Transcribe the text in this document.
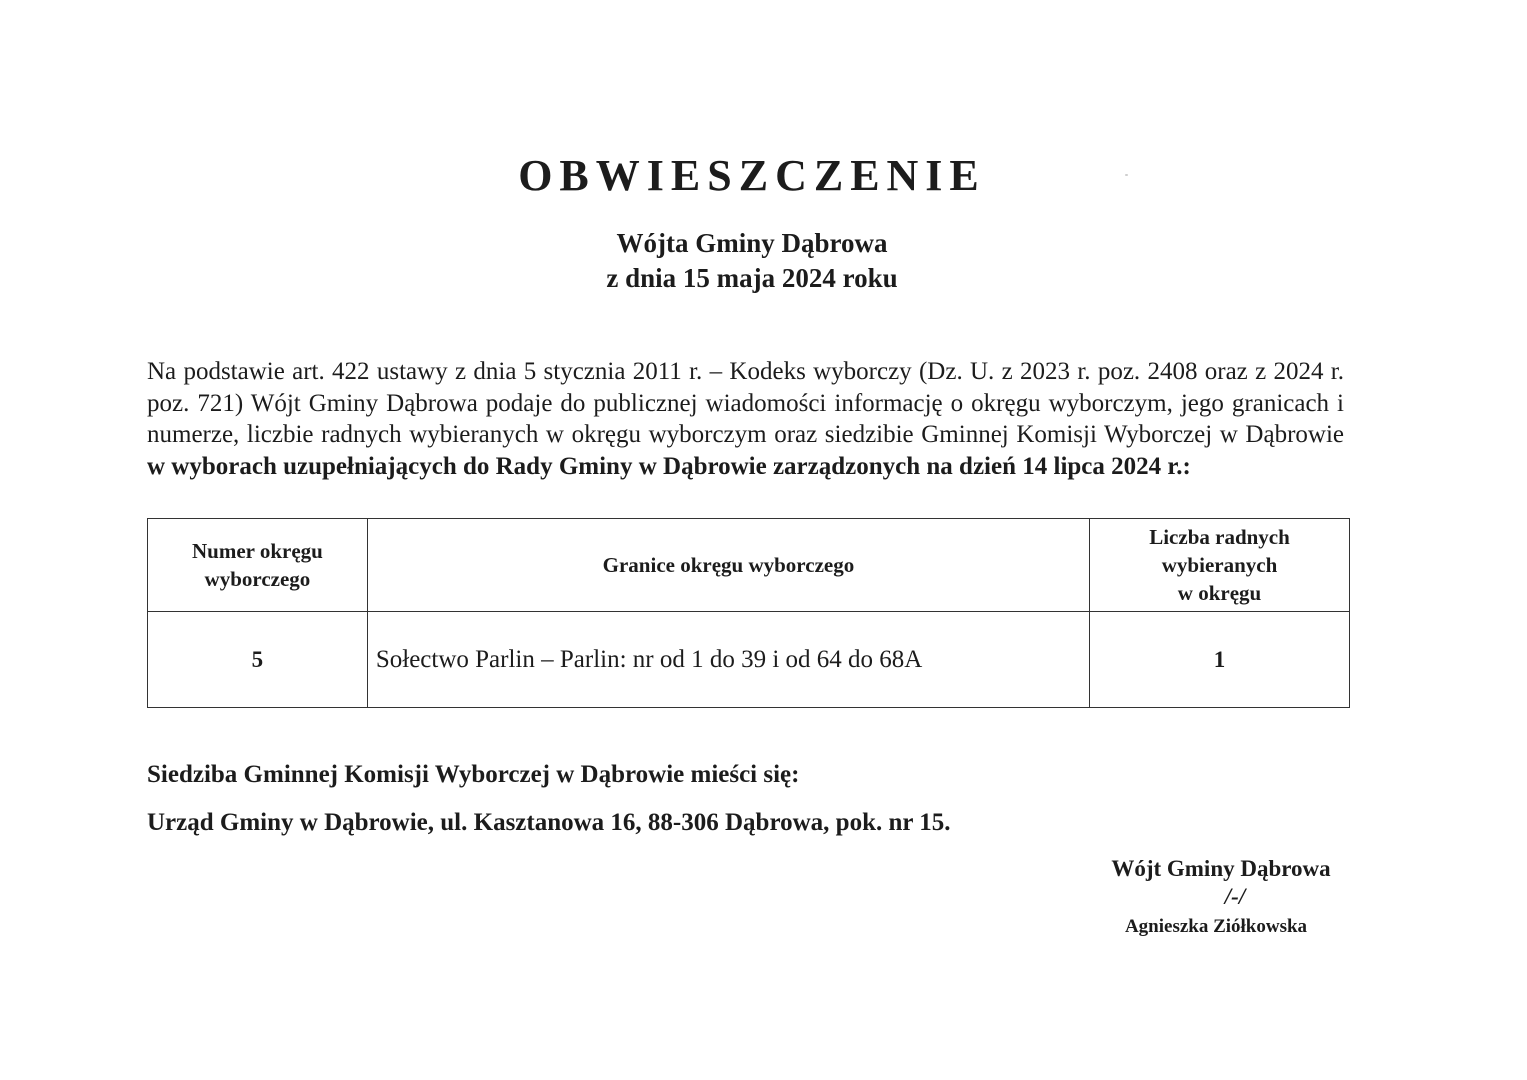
OBWIESZCZENIE
Wójta Gminy Dąbrowa
z dnia 15 maja 2024 roku

Na podstawie art. 422 ustawy z dnia 5 stycznia 2011 r. – Kodeks wyborczy (Dz. U. z 2023 r. poz. 2408 oraz z 2024 r. poz. 721) Wójt Gminy Dąbrowa podaje do publicznej wiadomości informację o okręgu wyborczym, jego granicach i numerze, liczbie radnych wybieranych w okręgu wyborczym oraz siedzibie Gminnej Komisji Wyborczej w Dąbrowie w wyborach uzupełniających do Rady Gminy w Dąbrowie zarządzonych na dzień 14 lipca 2024 r.:

Numer okręgu wyborczego	Granice okręgu wyborczego	Liczba radnych
wybieranych
w okręgu
5	Sołectwo Parlin – Parlin: nr od 1 do 39 i od 64 do 68A	1
Siedziba Gminnej Komisji Wyborczej w Dąbrowie mieści się:
Urząd Gminy w Dąbrowie, ul. Kasztanowa 16, 88-306 Dąbrowa, pok. nr 15.
Wójt Gminy Dąbrowa
/-/
Agnieszka Ziółkowska
